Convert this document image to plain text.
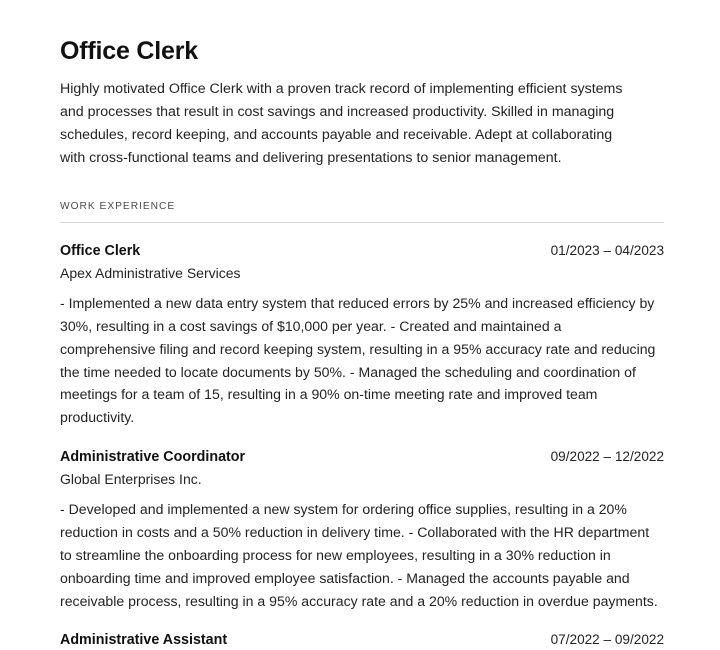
Office Clerk

Highly motivated Office Clerk with a proven track record of implementing efficient systems and processes that result in cost savings and increased productivity. Skilled in managing schedules, record keeping, and accounts payable and receivable. Adept at collaborating with cross-functional teams and delivering presentations to senior management.

WORK EXPERIENCE
Office Clerk	01/2023 – 04/2023
Apex Administrative Services
- Implemented a new data entry system that reduced errors by 25% and increased efficiency by 30%, resulting in a cost savings of $10,000 per year. - Created and maintained a comprehensive filing and record keeping system, resulting in a 95% accuracy rate and reducing the time needed to locate documents by 50%. - Managed the scheduling and coordination of meetings for a team of 15, resulting in a 90% on-time meeting rate and improved team productivity.
Administrative Coordinator	09/2022 – 12/2022
Global Enterprises Inc.
- Developed and implemented a new system for ordering office supplies, resulting in a 20% reduction in costs and a 50% reduction in delivery time. - Collaborated with the HR department to streamline the onboarding process for new employees, resulting in a 30% reduction in onboarding time and improved employee satisfaction. - Managed the accounts payable and receivable process, resulting in a 95% accuracy rate and a 20% reduction in overdue payments.
Administrative Assistant	07/2022 – 09/2022
